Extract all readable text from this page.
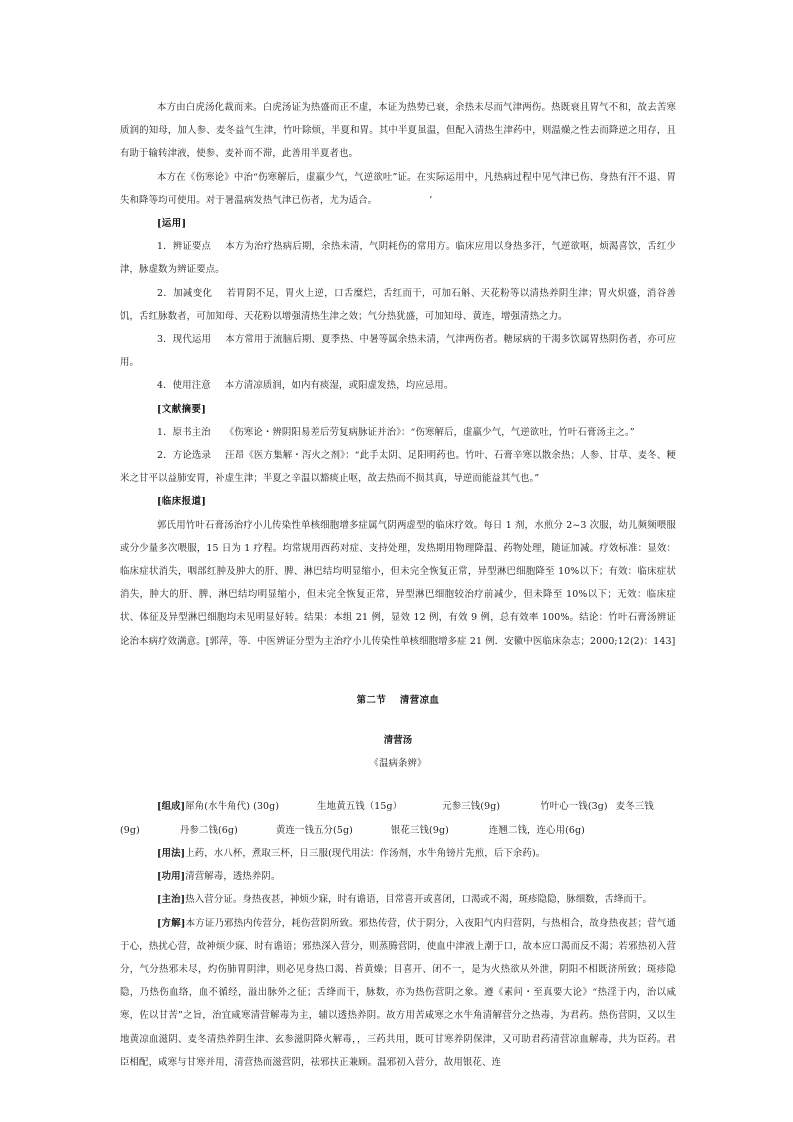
本方由白虎汤化裁而来。白虎汤证为热盛而正不虚，本证为热势已衰，余热未尽而气津两伤。热既衰且胃气不和，故去苦寒质润的知母，加人参、麦冬益气生津，竹叶除烦，半夏和胃。其中半夏虽温，但配入清热生津药中，则温燥之性去而降逆之用存，且有助于输转津液，使参、麦补而不滞，此善用半夏者也。

本方在《伤寒论》中治“伤寒解后，虚羸少气，气逆欲吐”证。在实际运用中，凡热病过程中见气津已伤、身热有汗不退、胃失和降等均可使用。对于暑温病发热气津已伤者，尤为适合。	’

[运用]

1．辨证要点 本方为治疗热病后期，余热未清，气阴耗伤的常用方。临床应用以身热多汗，气逆欲呕，烦渴喜饮，舌红少津，脉虚数为辨证要点。

2．加减变化 若胃阴不足，胃火上逆，口舌糜烂，舌红而干，可加石斛、天花粉等以清热养阴生津；胃火炽盛，消谷善饥，舌红脉数者，可加知母、天花粉以增强清热生津之效；气分热犹盛，可加知母、黄连，增强清热之力。

3．现代运用 本方常用于流脑后期、夏季热、中暑等属余热未清，气津两伤者。糖尿病的干渴多饮属胃热阴伤者，亦可应用。

4．使用注意 本方清凉质润，如内有痰湿，或阳虚发热，均应忌用。

[文献摘要]

1．原书主治 《伤寒论・辨阴阳易差后劳复病脉证并治》：“伤寒解后，虚羸少气，气逆欲吐，竹叶石膏汤主之。”

2．方论选录 汪昂《医方集解・泻火之剂》：“此手太阴、足阳明药也。竹叶、石膏辛寒以散余热；人参、甘草、麦冬、粳米之甘平以益肺安胃，补虚生津；半夏之辛温以豁痰止呕，故去热而不损其真，导逆而能益其气也。”

[临床报道]

郭氏用竹叶石膏汤治疗小儿传染性单核细胞增多症属气阴两虚型的临床疗效。每日 1 剂，水煎分 2~3 次服，幼儿频频喂服或分少量多次喂服，15 日为 1 疗程。均常规用西药对症、支持处理，发热期用物理降温、药物处理，随证加减。疗效标准：显效：临床症状消失，咽部红肿及肿大的肝、脾、淋巴结均明显缩小，但未完全恢复正常，异型淋巴细胞降至 10%以下；有效：临床症状消失，肿大的肝、脾、淋巴结均明显缩小，但未完全恢复正常，异型淋巴细胞较治疗前减少，但未降至 10%以下；无效：临床症状、体征及异型淋巴细胞均未见明显好转。结果：本组 21 例，显效 12 例，有效 9 例，总有效率 100%。结论：竹叶石膏汤辨证论治本病疗效满意。[郭萍，等．中医辨证分型为主治疗小儿传染性单核细胞增多症 21 例．安徽中医临床杂志；2000;12(2)：143]

第二节　 清营凉血

清营汤

《温病条辨》

[组成]犀角(水牛角代) (30g)	生地黄五钱（15g）	元参三钱(9g)	竹叶心一钱(3g) 麦冬三钱
(9g)	丹参二钱(6g)	黄连一钱五分(5g)	银花三钱(9g)	连翘二钱，连心用(6g)

[用法]上药，水八杯，煮取三杯，日三服(现代用法：作汤剂，水牛角镑片先煎，后下余药)。

[功用]清营解毒，透热养阴。

[主治]热入营分证。身热夜甚，神烦少寐，时有谵语，目常喜开或喜闭，口渴或不渴，斑疹隐隐，脉细数，舌绛而干。

[方解]本方证乃邪热内传营分，耗伤营阴所致。邪热传营，伏于阴分，入夜阳气内归营阴，与热相合，故身热夜甚；营气通于心，热扰心营，故神烦少寐、时有谵语；邪热深入营分，则蒸腾营阴，使血中津液上潮于口，故本应口渴而反不渴；若邪热初入营分，气分热邪未尽，灼伤肺胃阴津，则必见身热口渴、苔黄燥；目喜开、闭不一，是为火热欲从外泄，阴阳不相既济所致；斑疹隐隐，乃热伤血络，血不循经，溢出脉外之征；舌绛而干，脉数，亦为热伤营阴之象。遵《素问・至真要大论》“热淫于内，治以咸寒，佐以甘苦”之旨，治宜咸寒清营解毒为主，辅以透热养阴。故方用苦咸寒之水牛角清解营分之热毒，为君药。热伤营阴，又以生地黄凉血滋阴、麦冬清热养阴生津、玄参滋阴降火解毒，，三药共用，既可甘寒养阴保津，又可助君药清营凉血解毒，共为臣药。君臣相配，咸寒与甘寒并用，清营热而滋营阴，祛邪扶正兼顾。温邪初入营分，故用银花、连
